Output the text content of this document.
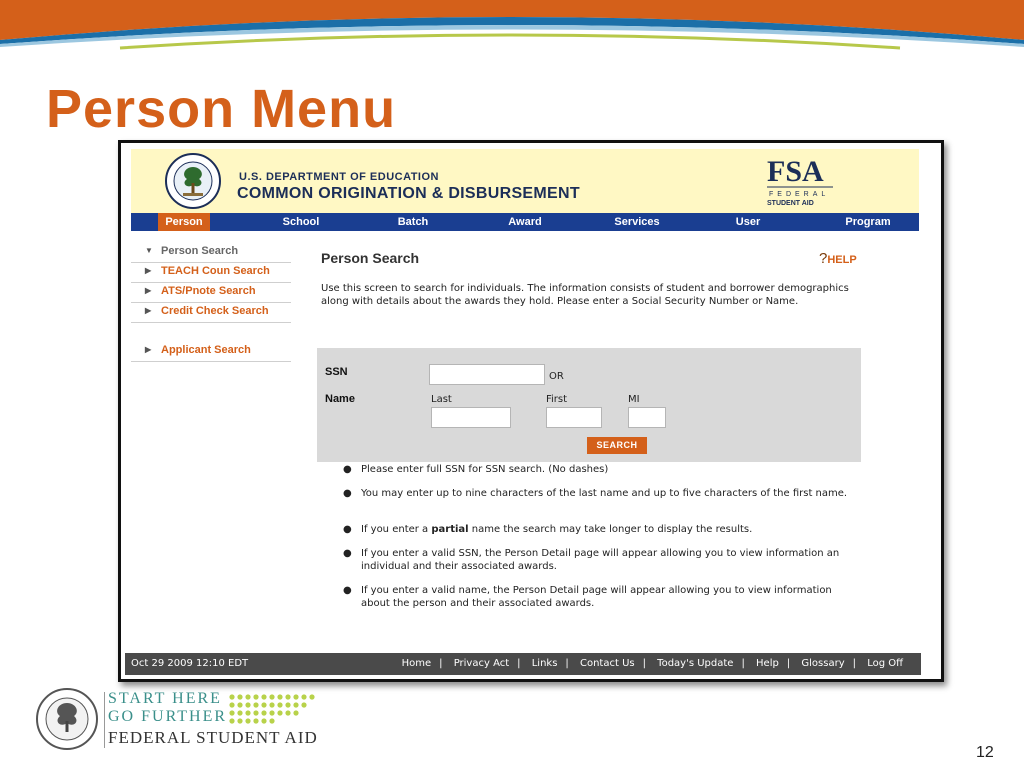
Person Menu
U.S. DEPARTMENT OF EDUCATION
COMMON ORIGINATION & DISBURSEMENT
FSA
FEDERAL
STUDENT AID
Person	School	Batch	Award	Services	User	Program
▼ Person Search
▶ TEACH Coun Search
▶ ATS/Pnote Search
▶ Credit Check Search
▶ Applicant Search
Person Search	?HELP
Use this screen to search for individuals. The information consists of student and borrower demographics along with details about the awards they hold. Please enter a Social Security Number or Name.
SSN	OR
Name	Last	First	MI
SEARCH
● Please enter full SSN for SSN search. (No dashes)
● You may enter up to nine characters of the last name and up to five characters of the first name.
● If you enter a partial name the search may take longer to display the results.
● If you enter a valid SSN, the Person Detail page will appear allowing you to view information an individual and their associated awards.
● If you enter a valid name, the Person Detail page will appear allowing you to view information about the person and their associated awards.
Oct 29 2009 12:10 EDT	Home | Privacy Act | Links | Contact Us | Today's Update | Help | Glossary | Log Off
START HERE
GO FURTHER
FEDERAL STUDENT AID
12
